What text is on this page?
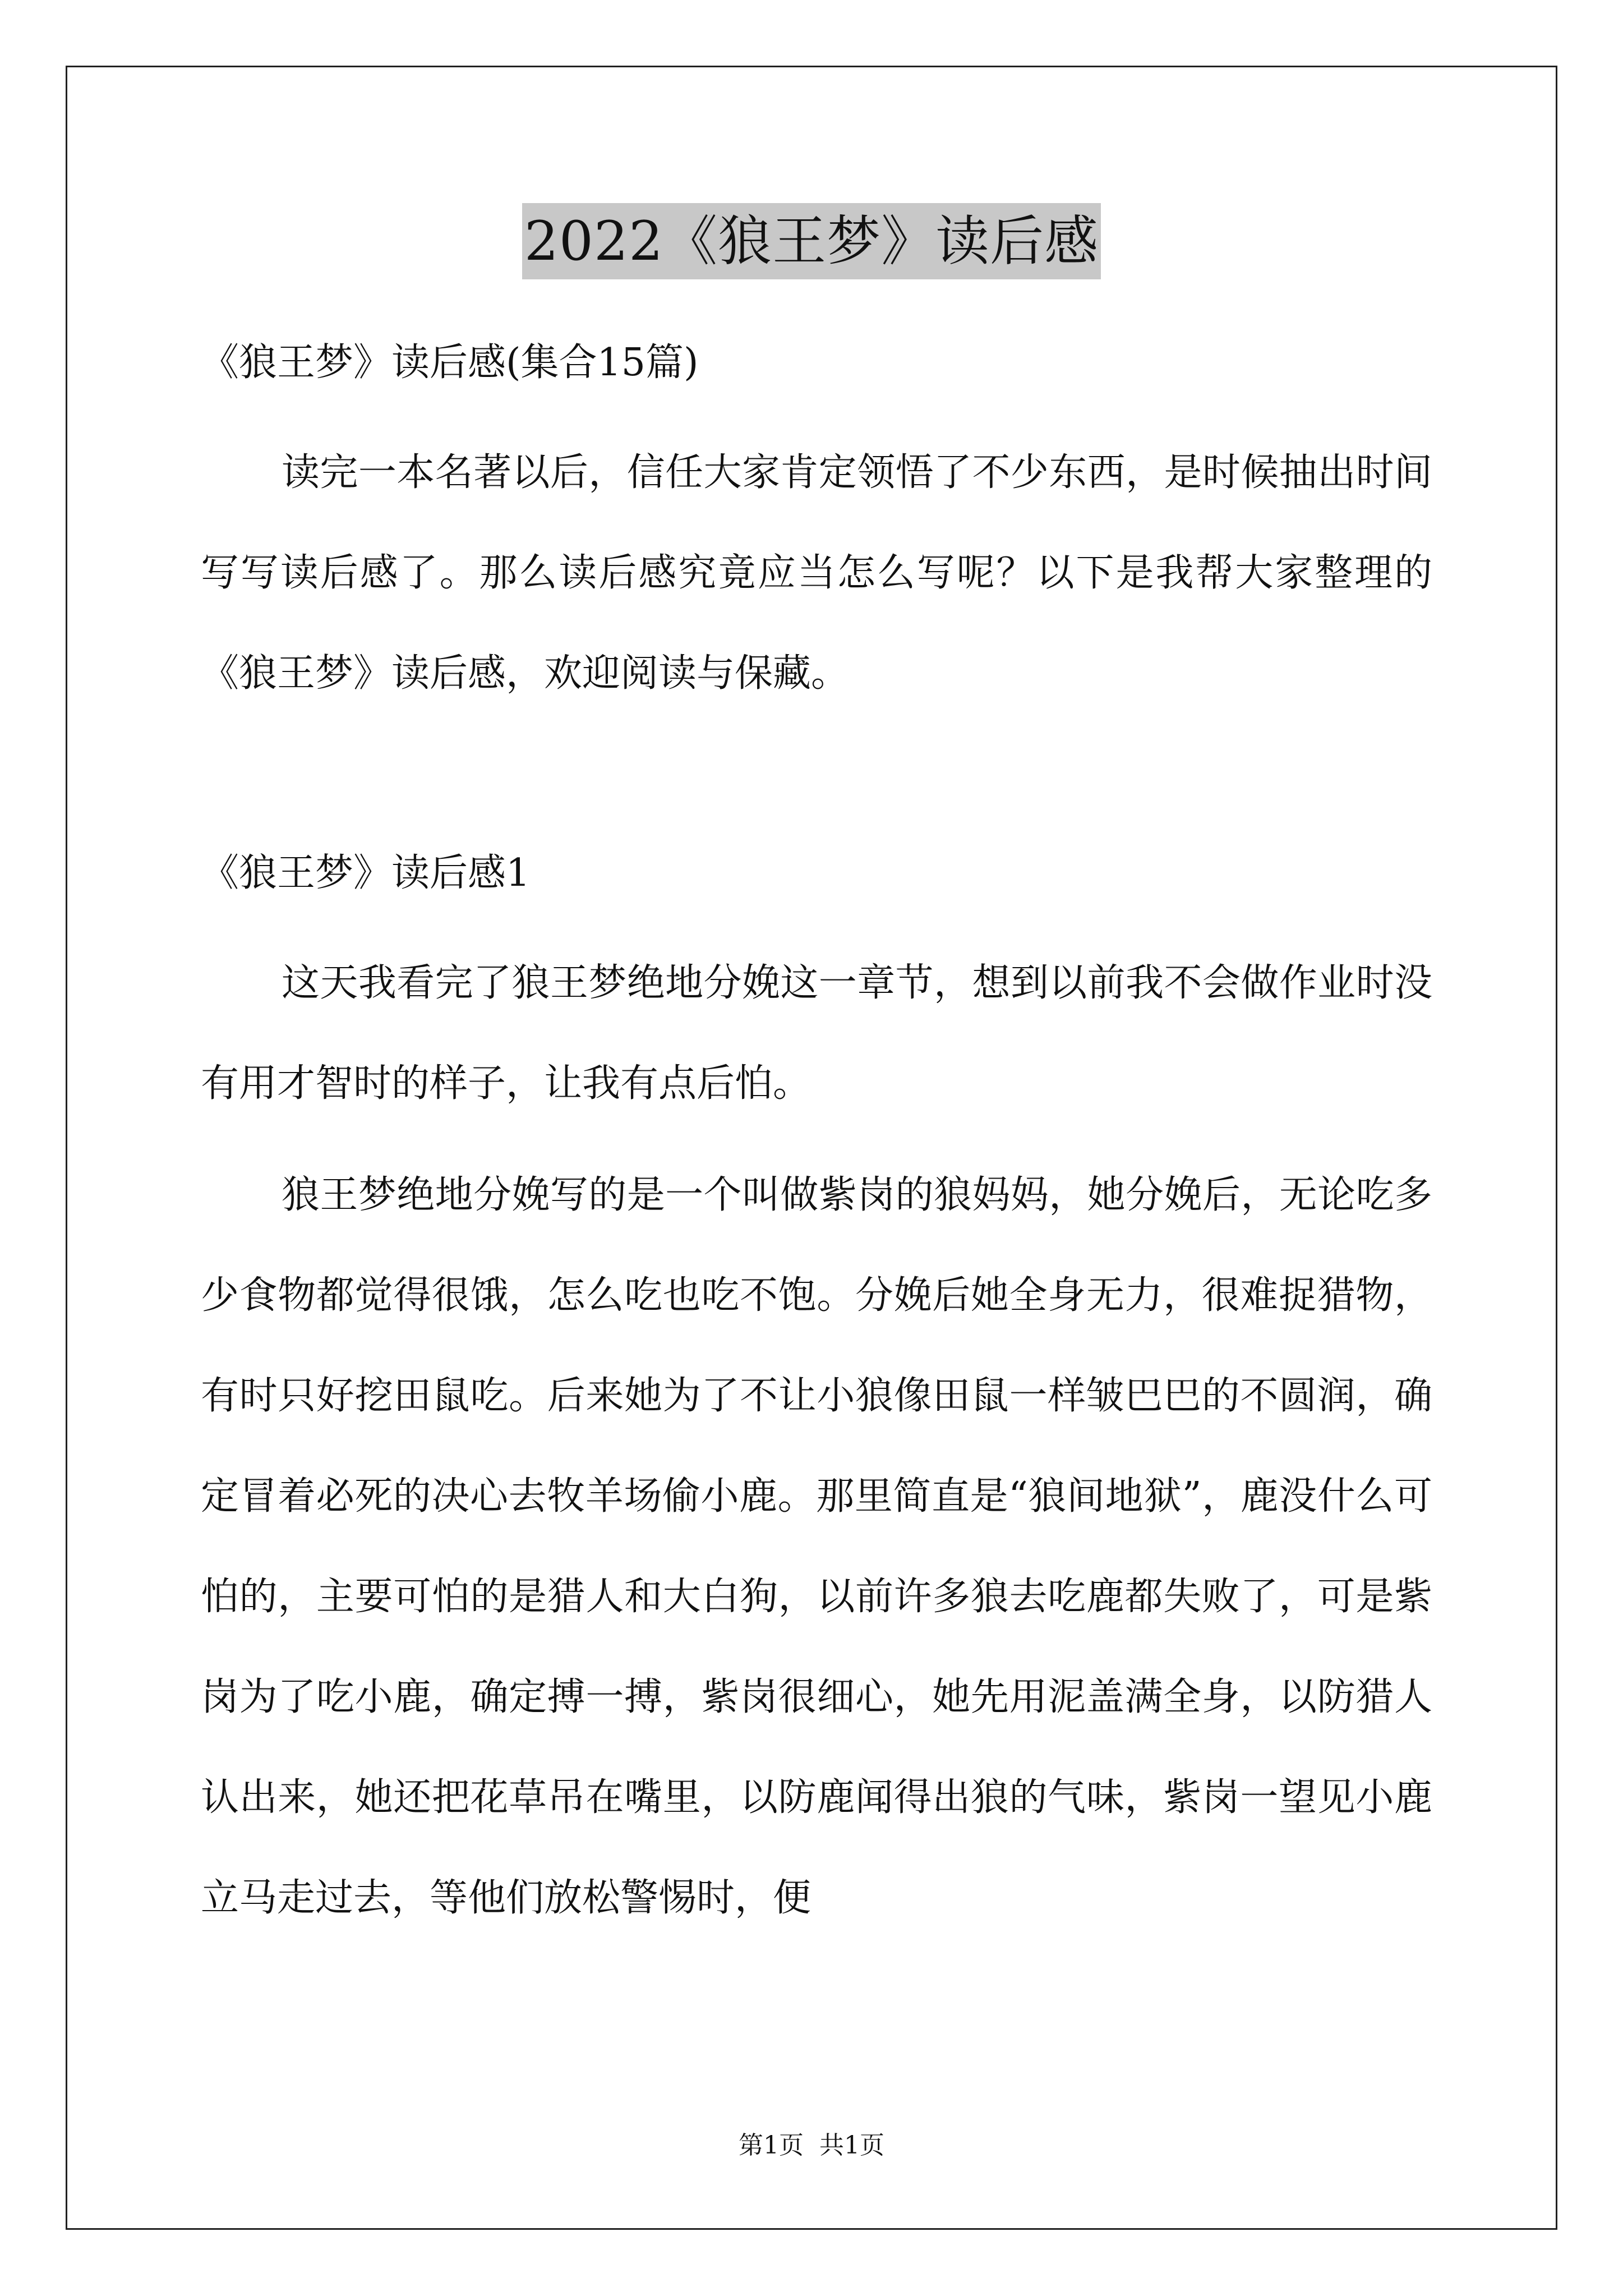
2022《狼王梦》读后感
《狼王梦》读后感(集合15篇)

读完一本名著以后，信任大家肯定领悟了不少东西，是时候抽出时间写写读后感了。那么读后感究竟应当怎么写呢？以下是我帮大家整理的《狼王梦》读后感，欢迎阅读与保藏。

《狼王梦》读后感1

这天我看完了狼王梦绝地分娩这一章节，想到以前我不会做作业时没有用才智时的样子，让我有点后怕。

狼王梦绝地分娩写的是一个叫做紫岗的狼妈妈，她分娩后，无论吃多少食物都觉得很饿，怎么吃也吃不饱。分娩后她全身无力，很难捉猎物，有时只好挖田鼠吃。后来她为了不让小狼像田鼠一样皱巴巴的不圆润，确定冒着必死的决心去牧羊场偷小鹿。那里简直是“狼间地狱”，鹿没什么可怕的，主要可怕的是猎人和大白狗，以前许多狼去吃鹿都失败了，可是紫岗为了吃小鹿，确定搏一搏，紫岗很细心，她先用泥盖满全身，以防猎人认出来，她还把花草吊在嘴里，以防鹿闻得出狼的气味，紫岗一望见小鹿立马走过去，等他们放松警惕时，便

第1页 共1页
